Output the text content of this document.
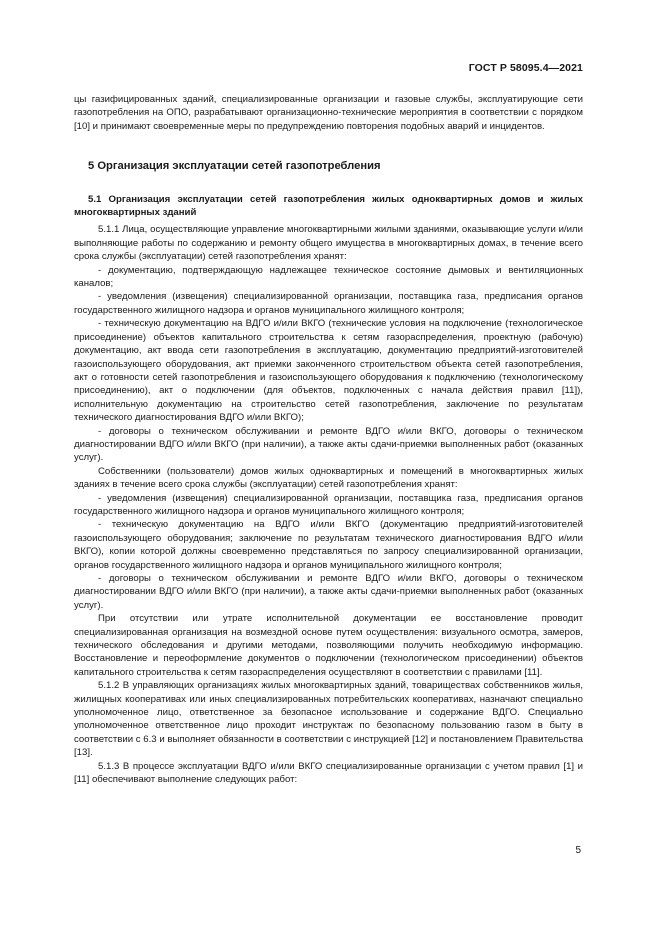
ГОСТ Р 58095.4—2021

цы газифицированных зданий, специализированные организации и газовые службы, эксплуатирующие сети газопотребления на ОПО, разрабатывают организационно-технические мероприятия в соответствии с порядком [10] и принимают своевременные меры по предупреждению повторения подобных аварий и инцидентов.

5 Организация эксплуатации сетей газопотребления

5.1 Организация эксплуатации сетей газопотребления жилых одноквартирных домов и жилых многоквартирных зданий

5.1.1 Лица, осуществляющие управление многоквартирными жилыми зданиями, оказывающие услуги и/или выполняющие работы по содержанию и ремонту общего имущества в многоквартирных домах, в течение всего срока службы (эксплуатации) сетей газопотребления хранят:

- документацию, подтверждающую надлежащее техническое состояние дымовых и вентиляционных каналов;

- уведомления (извещения) специализированной организации, поставщика газа, предписания органов государственного жилищного надзора и органов муниципального жилищного контроля;

- техническую документацию на ВДГО и/или ВКГО (технические условия на подключение (технологическое присоединение) объектов капитального строительства к сетям газораспределения, проектную (рабочую) документацию, акт ввода сети газопотребления в эксплуатацию, документацию предприятий-изготовителей газоиспользующего оборудования, акт приемки законченного строительством объекта сетей газопотребления, акт о готовности сетей газопотребления и газоиспользующего оборудования к подключению (технологическому присоединению), акт о подключении (для объектов, подключенных с начала действия правил [11]), исполнительную документацию на строительство сетей газопотребления, заключение по результатам технического диагностирования ВДГО и/или ВКГО);

- договоры о техническом обслуживании и ремонте ВДГО и/или ВКГО, договоры о техническом диагностировании ВДГО и/или ВКГО (при наличии), а также акты сдачи-приемки выполненных работ (оказанных услуг).

Собственники (пользователи) домов жилых одноквартирных и помещений в многоквартирных жилых зданиях в течение всего срока службы (эксплуатации) сетей газопотребления хранят:

- уведомления (извещения) специализированной организации, поставщика газа, предписания органов государственного жилищного надзора и органов муниципального жилищного контроля;

- техническую документацию на ВДГО и/или ВКГО (документацию предприятий-изготовителей газоиспользующего оборудования; заключение по результатам технического диагностирования ВДГО и/или ВКГО), копии которой должны своевременно представляться по запросу специализированной организации, органов государственного жилищного надзора и органов муниципального жилищного контроля;

- договоры о техническом обслуживании и ремонте ВДГО и/или ВКГО, договоры о техническом диагностировании ВДГО и/или ВКГО (при наличии), а также акты сдачи-приемки выполненных работ (оказанных услуг).

При отсутствии или утрате исполнительной документации ее восстановление проводит специализированная организация на возмездной основе путем осуществления: визуального осмотра, замеров, технического обследования и другими методами, позволяющими получить необходимую информацию. Восстановление и переоформление документов о подключении (технологическом присоединении) объектов капитального строительства к сетям газораспределения осуществляют в соответствии с правилами [11].

5.1.2 В управляющих организациях жилых многоквартирных зданий, товариществах собственников жилья, жилищных кооперативах или иных специализированных потребительских кооперативах, назначают специально уполномоченное лицо, ответственное за безопасное использование и содержание ВДГО. Специально уполномоченное ответственное лицо проходит инструктаж по безопасному пользованию газом в быту в соответствии с 6.3 и выполняет обязанности в соответствии с инструкцией [12] и постановлением Правительства [13].

5.1.3 В процессе эксплуатации ВДГО и/или ВКГО специализированные организации с учетом правил [1] и [11] обеспечивают выполнение следующих работ:

5
